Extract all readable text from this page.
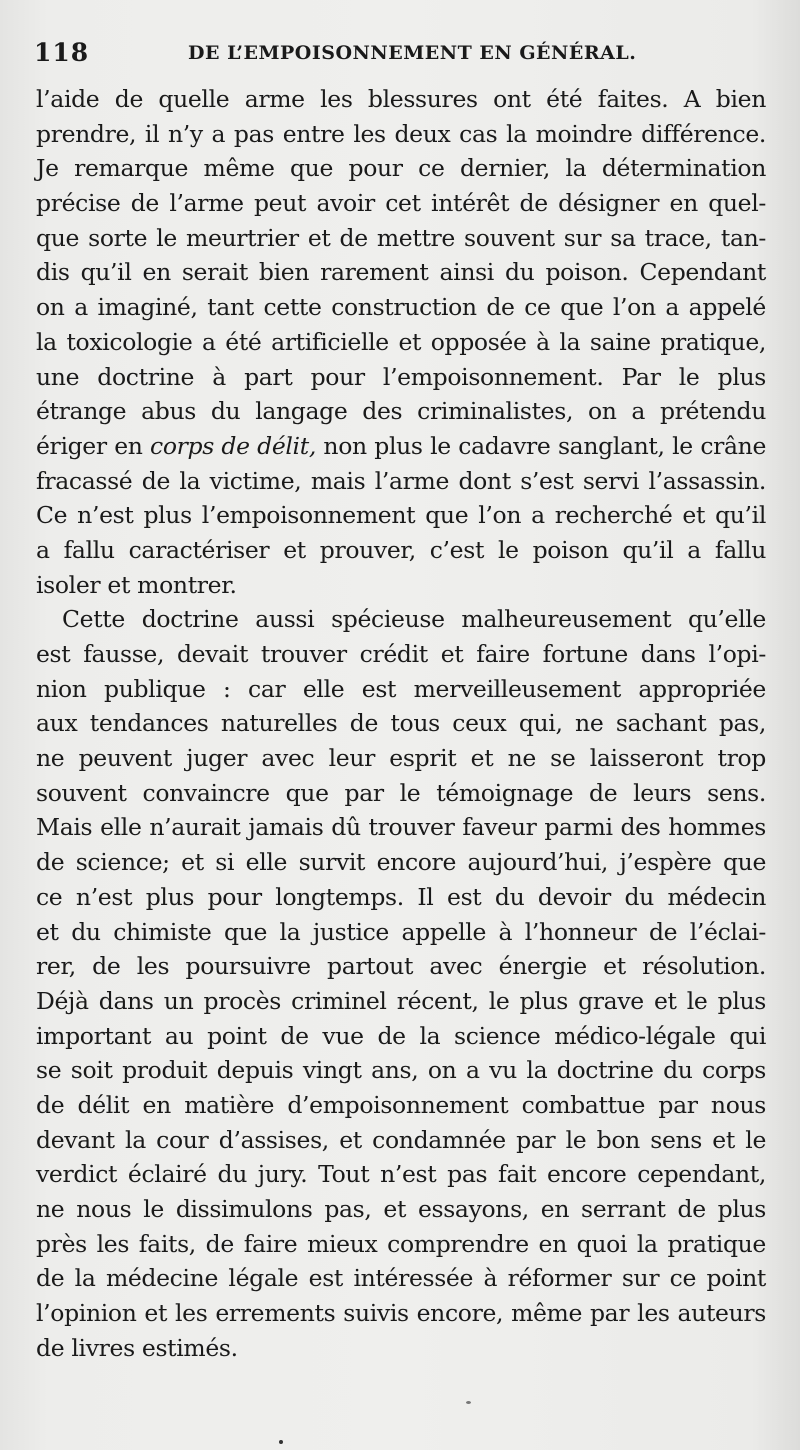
118	DE L’EMPOISONNEMENT EN GÉNÉRAL.
l’aide de quelle arme les blessures ont été faites. A bien
prendre, il n’y a pas entre les deux cas la moindre différence.
Je remarque même que pour ce dernier, la détermination
précise de l’arme peut avoir cet intérêt de désigner en quel-
que sorte le meurtrier et de mettre souvent sur sa trace, tan-
dis qu’il en serait bien rarement ainsi du poison. Cependant
on a imaginé, tant cette construction de ce que l’on a appelé
la toxicologie a été artificielle et opposée à la saine pratique,
une doctrine à part pour l’empoisonnement. Par le plus
étrange abus du langage des criminalistes, on a prétendu
ériger en corps de délit, non plus le cadavre sanglant, le crâne
fracassé de la victime, mais l’arme dont s’est servi l’assassin.
Ce n’est plus l’empoisonnement que l’on a recherché et qu’il
a fallu caractériser et prouver, c’est le poison qu’il a fallu
isoler et montrer.
Cette doctrine aussi spécieuse malheureusement qu’elle
est fausse, devait trouver crédit et faire fortune dans l’opi-
nion publique : car elle est merveilleusement appropriée
aux tendances naturelles de tous ceux qui, ne sachant pas,
ne peuvent juger avec leur esprit et ne se laisseront trop
souvent convaincre que par le témoignage de leurs sens.
Mais elle n’aurait jamais dû trouver faveur parmi des hommes
de science; et si elle survit encore aujourd’hui, j’espère que
ce n’est plus pour longtemps. Il est du devoir du médecin
et du chimiste que la justice appelle à l’honneur de l’éclai-
rer, de les poursuivre partout avec énergie et résolution.
Déjà dans un procès criminel récent, le plus grave et le plus
important au point de vue de la science médico-légale qui
se soit produit depuis vingt ans, on a vu la doctrine du corps
de délit en matière d’empoisonnement combattue par nous
devant la cour d’assises, et condamnée par le bon sens et le
verdict éclairé du jury. Tout n’est pas fait encore cependant,
ne nous le dissimulons pas, et essayons, en serrant de plus
près les faits, de faire mieux comprendre en quoi la pratique
de la médecine légale est intéressée à réformer sur ce point
l’opinion et les errements suivis encore, même par les auteurs
de livres estimés.
